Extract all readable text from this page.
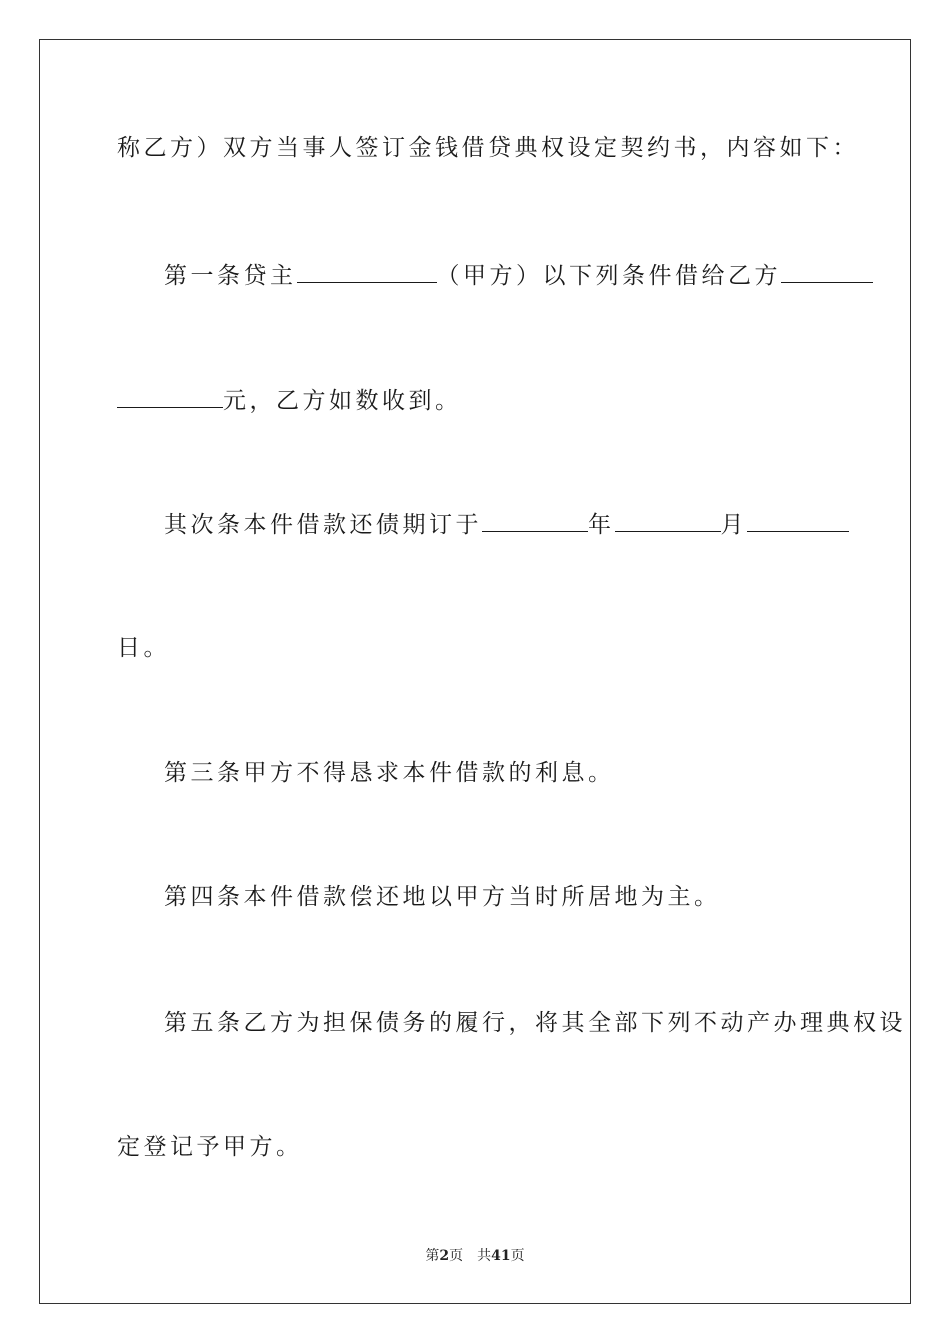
称乙方）双方当事人签订金钱借贷典权设定契约书，内容如下：
第一条贷主	（甲方）以下列条件借给乙方
元，乙方如数收到。
其次条本件借款还债期订于	年	月
日。
第三条甲方不得恳求本件借款的利息。
第四条本件借款偿还地以甲方当时所居地为主。
第五条乙方为担保债务的履行，将其全部下列不动产办理典权设
定登记予甲方。
第2页 共41页
